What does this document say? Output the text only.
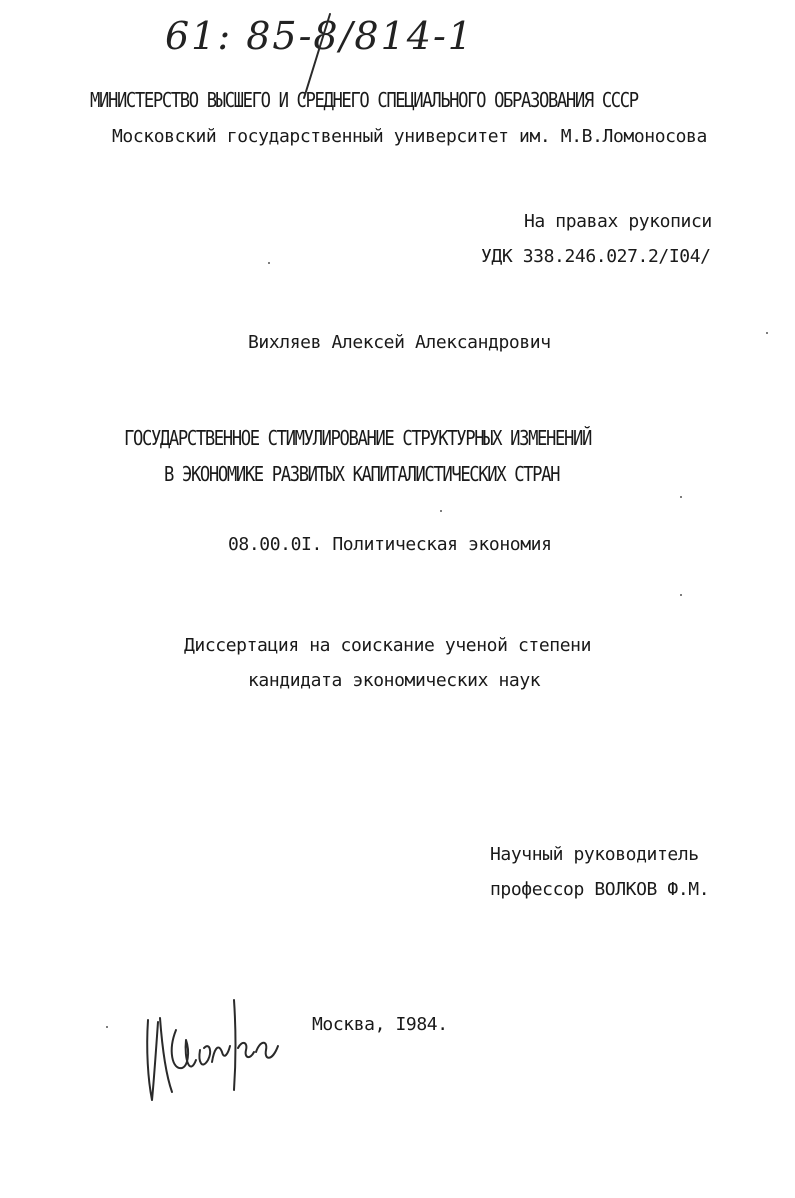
61: 85-8/814-1
МИНИСТЕРСТВО ВЫСШЕГО И СРЕДНЕГО СПЕЦИАЛЬНОГО ОБРАЗОВАНИЯ СССР
Московский государственный университет им. М.В.Ломоносова
На правах рукописи
УДК 338.246.027.2/I04/
Вихляев Алексей Александрович
ГОСУДАРСТВЕННОЕ СТИМУЛИРОВАНИЕ СТРУКТУРНЫХ ИЗМЕНЕНИЙ
В ЭКОНОМИКЕ РАЗВИТЫХ КАПИТАЛИСТИЧЕСКИХ СТРАН
08.00.0I. Политическая экономия
Диссертация на соискание ученой степени
кандидата экономических наук
Научный руководитель
профессор ВОЛКОВ Ф.М.
Москва, I984.
